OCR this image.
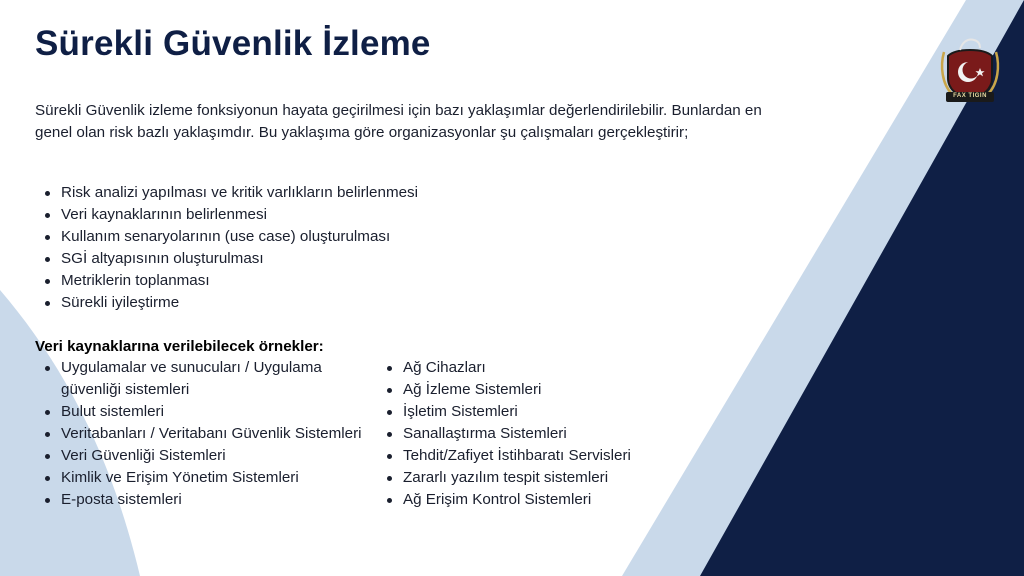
Sürekli Güvenlik İzleme

Sürekli Güvenlik izleme fonksiyonun hayata geçirilmesi için bazı yaklaşımlar değerlendirilebilir. Bunlardan en genel olan risk bazlı yaklaşımdır. Bu yaklaşıma göre organizasyonlar şu çalışmaları gerçekleştirir;

Risk analizi yapılması ve kritik varlıkların belirlenmesi
Veri kaynaklarının belirlenmesi
Kullanım senaryolarının (use case) oluşturulması
SGİ altyapısının oluşturulması
Metriklerin toplanması
Sürekli iyileştirme

Veri kaynaklarına verilebilecek örnekler:

Uygulamalar ve sunucuları / Uygulama güvenliği sistemleri
Bulut sistemleri
Veritabanları / Veritabanı Güvenlik Sistemleri
Veri Güvenliği Sistemleri
Kimlik ve Erişim Yönetim Sistemleri
E-posta sistemleri
Ağ Cihazları
Ağ İzleme Sistemleri
İşletim Sistemleri
Sanallaştırma Sistemleri
Tehdit/Zafiyet İstihbaratı Servisleri
Zararlı yazılım tespit sistemleri
Ağ Erişim Kontrol Sistemleri
FAX TIGIN
